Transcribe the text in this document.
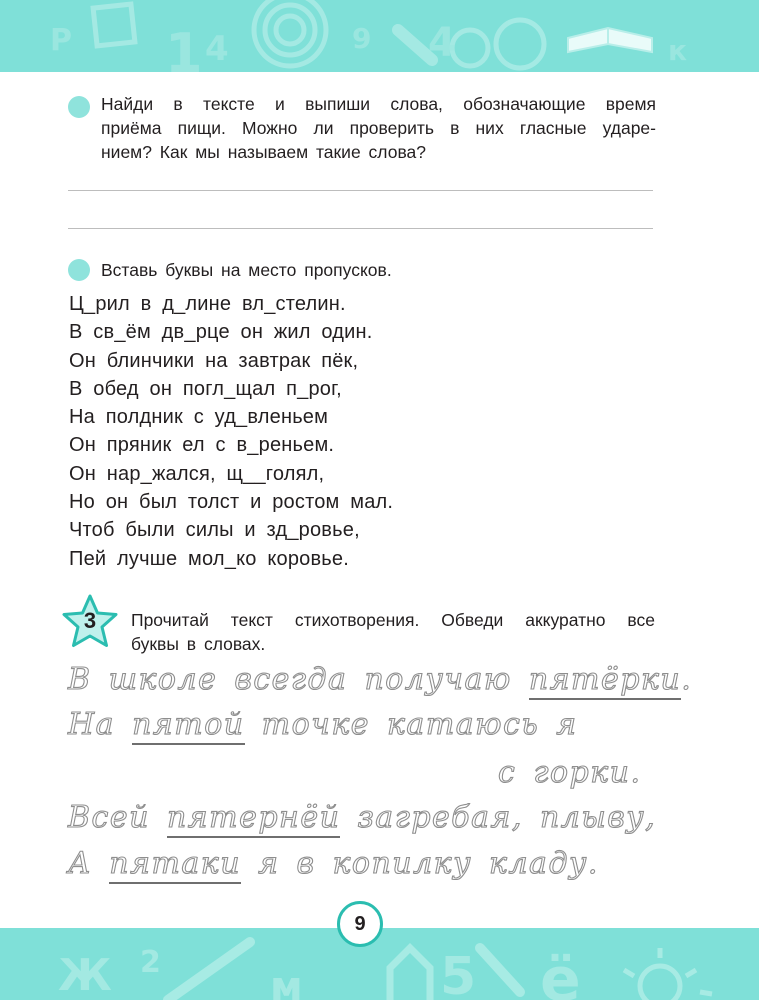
Р 1 4	9 4	к
Найди в тексте и выпиши слова, обозначающие время
приёма пищи. Можно ли проверить в них гласные ударе-
нием? Как мы называем такие слова?
Вставь буквы на место пропусков.
Ц_рил в д_лине вл_стелин.
В св_ём дв_рце он жил один.
Он блинчики на завтрак пёк,
В обед он погл_щал п_рог,
На полдник с уд_вленьем
Он пряник ел с в_реньем.
Он нар_жался, щ__голял,
Но он был толст и ростом мал.
Чтоб были силы и зд_ровье,
Пей лучше мол_ко коровье.
3	Прочитай текст стихотворения. Обведи аккуратно все
буквы в словах.
В школе всегда получаю пятёрки.
На пятой точке катаюсь я
с горки.
Всей пятернёй загребая, плыву,
А пятаки я в копилку кладу.
Ж 2
м	5 ё
9
